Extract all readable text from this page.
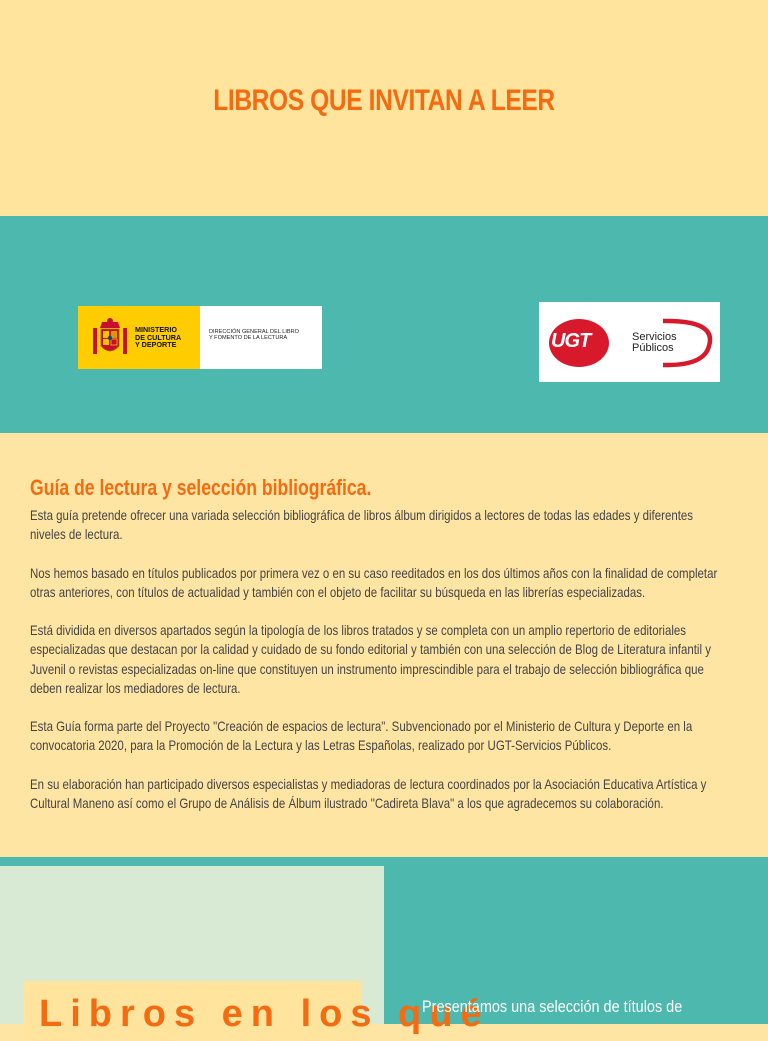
LIBROS QUE INVITAN A LEER
MINISTERIO
DE CULTURA
Y DEPORTE
DIRECCIÓN GENERAL DEL LIBRO
Y FOMENTO DE LA LECTURA	UGT	Servicios
Públicos
Guía de lectura y selección bibliográfica.

Esta guía pretende ofrecer una variada selección bibliográfica de libros álbum dirigidos a lectores de todas las edades y diferentes niveles de lectura.

Nos hemos basado en títulos publicados por primera vez o en su caso reeditados en los dos últimos años con la finalidad de completar otras anteriores, con títulos de actualidad y también con el objeto de facilitar su búsqueda en las librerías especializadas.

Está dividida en diversos apartados según la tipología de los libros tratados y se completa con un amplio repertorio de editoriales especializadas que destacan por la calidad y cuidado de su fondo editorial y también con una selección de Blog de Literatura infantil y Juvenil o revistas especializadas on-line que constituyen un instrumento imprescindible para el trabajo de selección bibliográfica que deben realizar los mediadores de lectura.

Esta Guía forma parte del Proyecto "Creación de espacios de lectura". Subvencionado por el Ministerio de Cultura y Deporte en la convocatoria 2020, para la Promoción de la Lectura y las Letras Españolas, realizado por UGT-Servicios Públicos.

En su elaboración han participado diversos especialistas y mediadoras de lectura coordinados por la Asociación Educativa Artística y Cultural Maneno así como el Grupo de Análisis de Álbum ilustrado "Cadireta Blava" a los que agradecemos su colaboración.

Libros en los qué
Presentamos una selección de títulos de
